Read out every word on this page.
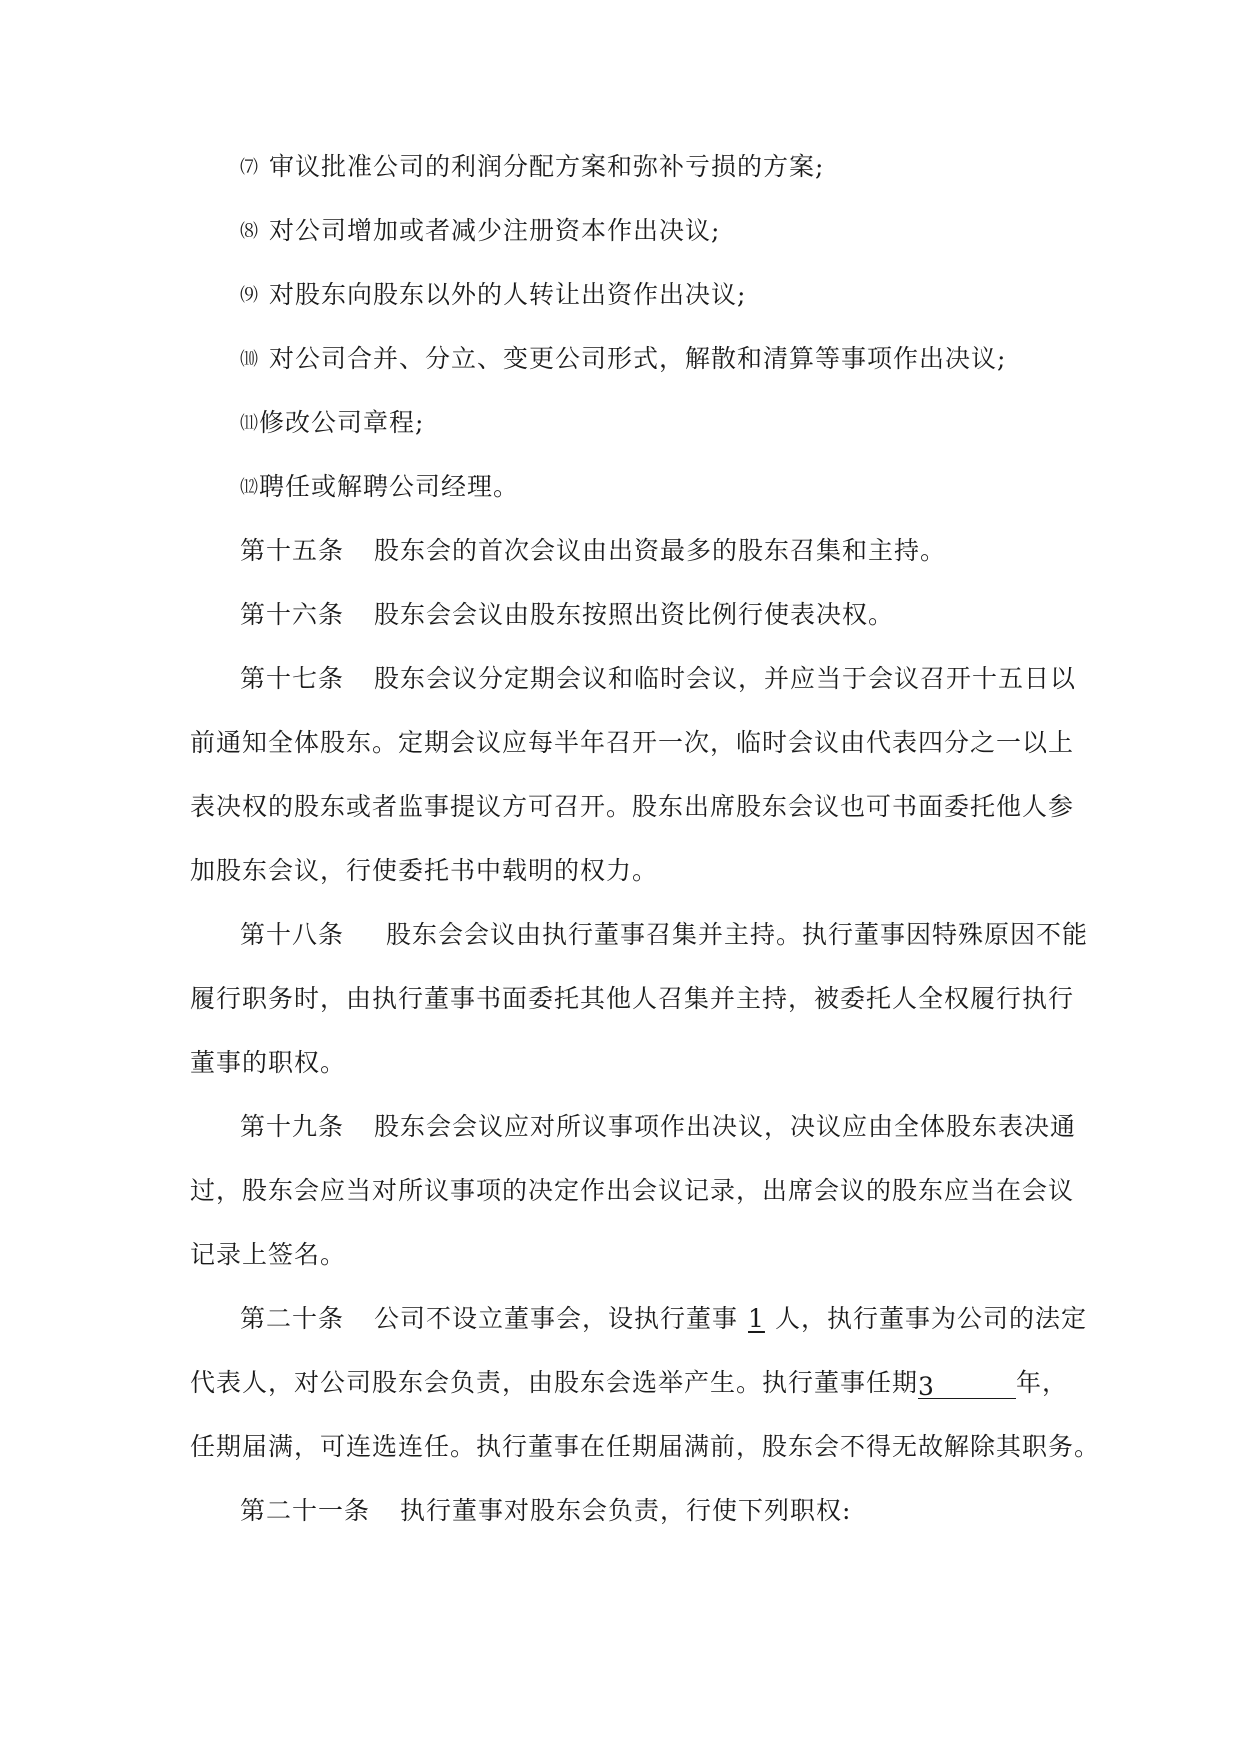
⑺ 审议批准公司的利润分配方案和弥补亏损的方案;
⑻ 对公司增加或者减少注册资本作出决议;
⑼ 对股东向股东以外的人转让出资作出决议;
⑽ 对公司合并、分立、变更公司形式，解散和清算等事项作出决议;
⑾修改公司章程;
⑿聘任或解聘公司经理。
第十五条 股东会的首次会议由出资最多的股东召集和主持。
第十六条 股东会会议由股东按照出资比例行使表决权。
第十七条 股东会议分定期会议和临时会议，并应当于会议召开十五日以
前通知全体股东。定期会议应每半年召开一次，临时会议由代表四分之一以上
表决权的股东或者监事提议方可召开。股东出席股东会议也可书面委托他人参
加股东会议，行使委托书中载明的权力。
第十八条 股东会会议由执行董事召集并主持。执行董事因特殊原因不能
履行职务时，由执行董事书面委托其他人召集并主持，被委托人全权履行执行
董事的职权。
第十九条 股东会会议应对所议事项作出决议，决议应由全体股东表决通
过，股东会应当对所议事项的决定作出会议记录，出席会议的股东应当在会议
记录上签名。
第二十条 公司不设立董事会，设执行董事 1 人，执行董事为公司的法定
代表人，对公司股东会负责，由股东会选举产生。执行董事任期3	年，
任期届满，可连选连任。执行董事在任期届满前，股东会不得无故解除其职务。
第二十一条 执行董事对股东会负责，行使下列职权:
